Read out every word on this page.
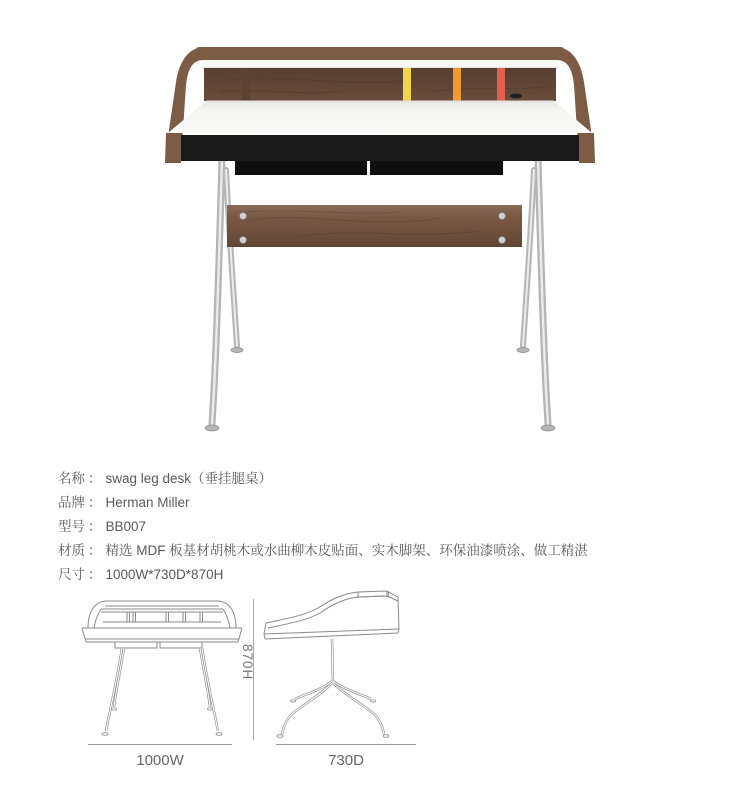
名称 ： swag leg desk（垂挂腿桌）
品牌 ： Herman Miller
型号 ： BB007
材质 ： 精选 MDF 板基材胡桃木或水曲柳木皮贴面、实木脚架、环保油漆喷涂、做工精湛
尺寸 ： 1000W*730D*870H
870H
1000W	730D
